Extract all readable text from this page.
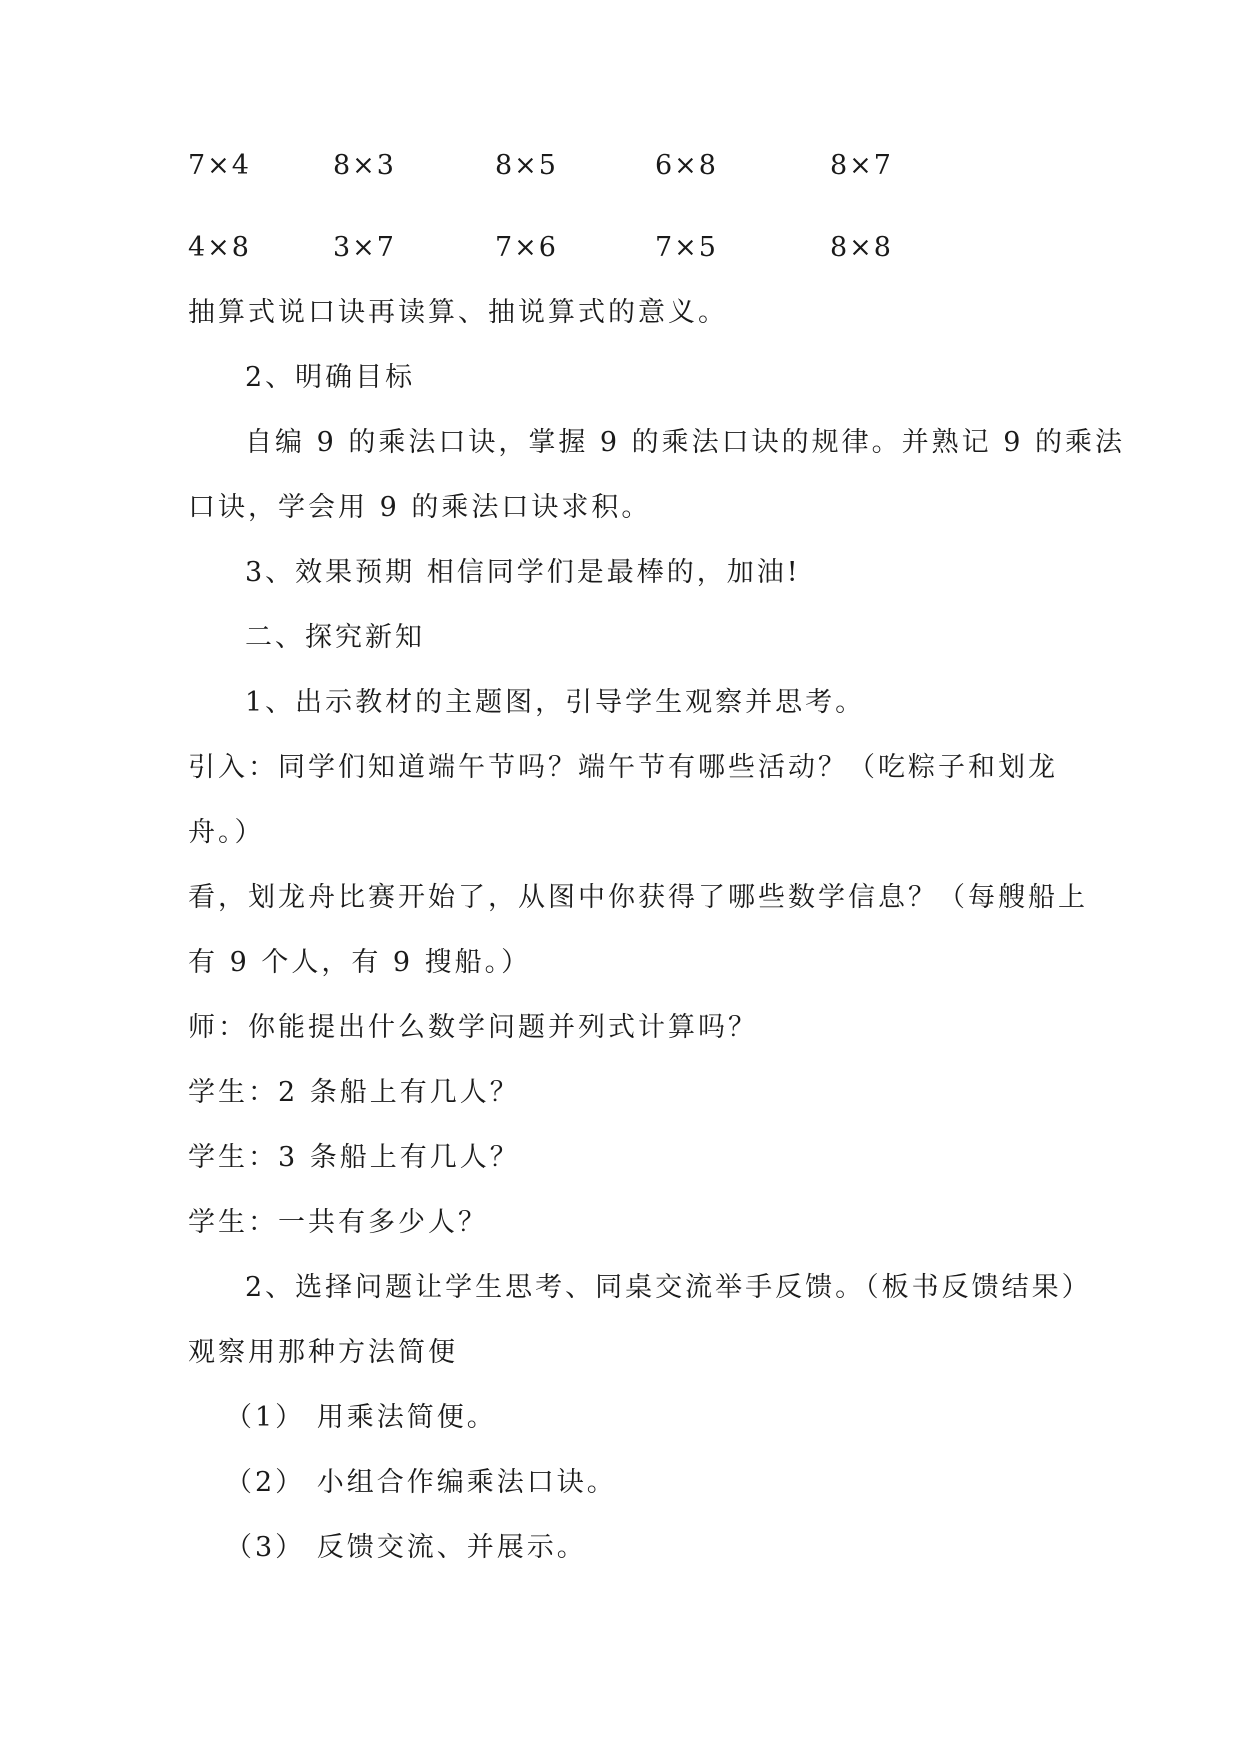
7×4	8×3	8×5	6×8	8×7
4×8	3×7	7×6	7×5	8×8
抽算式说口诀再读算、抽说算式的意义。
2、明确目标
自编 9 的乘法口诀，掌握 9 的乘法口诀的规律。并熟记 9 的乘法
口诀，学会用 9 的乘法口诀求积。
3、效果预期 相信同学们是最棒的，加油!
二、探究新知
1、出示教材的主题图，引导学生观察并思考。
引入：同学们知道端午节吗？端午节有哪些活动？（吃粽子和划龙
舟。）
看，划龙舟比赛开始了，从图中你获得了哪些数学信息？（每艘船上
有 9 个人，有 9 搜船。）
师：你能提出什么数学问题并列式计算吗？
学生：2 条船上有几人？
学生：3 条船上有几人？
学生：一共有多少人？
2、选择问题让学生思考、同桌交流举手反馈。（板书反馈结果）
观察用那种方法简便
（1） 用乘法简便。
（2） 小组合作编乘法口诀。
（3） 反馈交流、并展示。
